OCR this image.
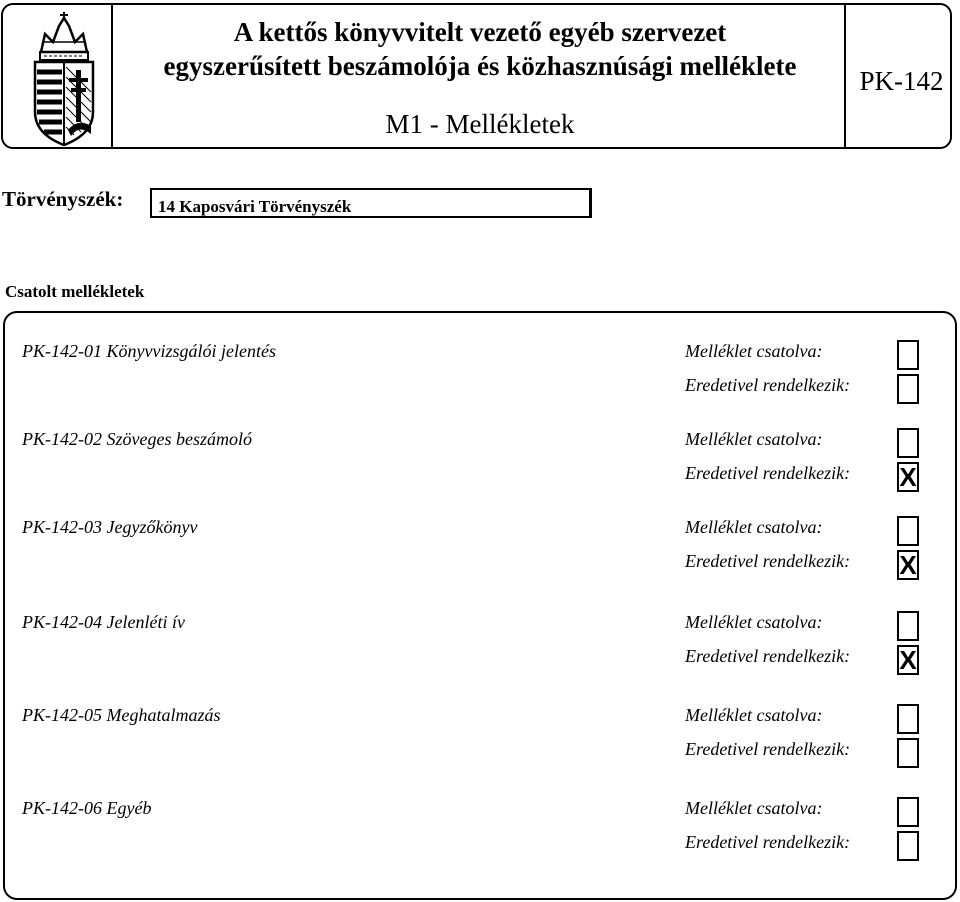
A kettős könyvvitelt vezető egyéb szervezet
egyszerűsített beszámolója és közhasznúsági melléklete
M1 - Mellékletek
PK-142
Törvényszék:	14 Kaposvári Törvényszék
Csatolt mellékletek
PK-142-01 Könyvvizsgálói jelentés	Melléklet csatolva:
Eredetivel rendelkezik:
PK-142-02 Szöveges beszámoló	Melléklet csatolva:
Eredetivel rendelkezik: X
PK-142-03 Jegyzőkönyv	Melléklet csatolva:
Eredetivel rendelkezik: X
PK-142-04 Jelenléti ív	Melléklet csatolva:
Eredetivel rendelkezik: X
PK-142-05 Meghatalmazás	Melléklet csatolva:
Eredetivel rendelkezik:
PK-142-06 Egyéb	Melléklet csatolva:
Eredetivel rendelkezik:
